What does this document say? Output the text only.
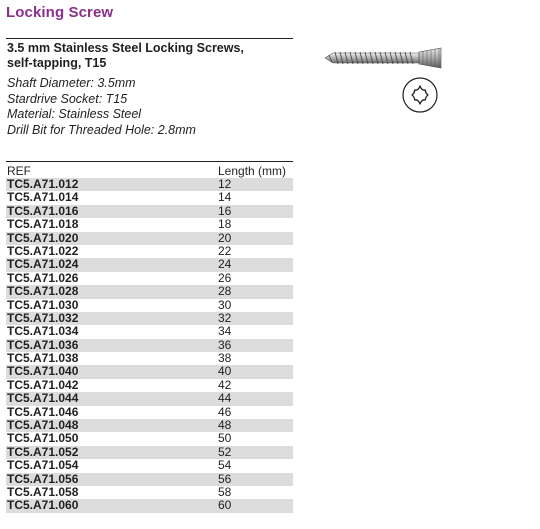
Locking Screw
3.5 mm Stainless Steel Locking Screws,
self-tapping, T15
Shaft Diameter: 3.5mm
Stardrive Socket: T15
Material: Stainless Steel
Drill Bit for Threaded Hole: 2.8mm
REF	Length (mm)
TC5.A71.012	12
TC5.A71.014	14
TC5.A71.016	16
TC5.A71.018	18
TC5.A71.020	20
TC5.A71.022	22
TC5.A71.024	24
TC5.A71.026	26
TC5.A71.028	28
TC5.A71.030	30
TC5.A71.032	32
TC5.A71.034	34
TC5.A71.036	36
TC5.A71.038	38
TC5.A71.040	40
TC5.A71.042	42
TC5.A71.044	44
TC5.A71.046	46
TC5.A71.048	48
TC5.A71.050	50
TC5.A71.052	52
TC5.A71.054	54
TC5.A71.056	56
TC5.A71.058	58
TC5.A71.060	60
